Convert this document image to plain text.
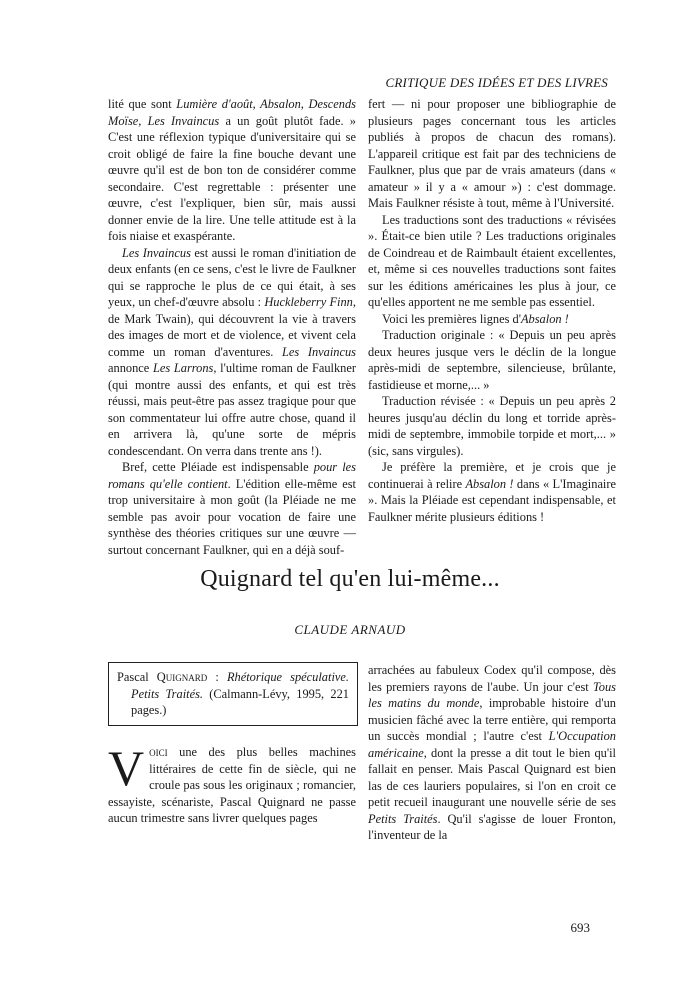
CRITIQUE DES IDÉES ET DES LIVRES

lité que sont Lumière d'août, Absalon, Descends Moïse, Les Invaincus a un goût plutôt fade. » C'est une réflexion typique d'universitaire qui se croit obligé de faire la fine bouche devant une œuvre qu'il est de bon ton de considérer comme secondaire. C'est regrettable : présenter une œuvre, c'est l'expliquer, bien sûr, mais aussi donner envie de la lire. Une telle attitude est à la fois niaise et exaspérante.

Les Invaincus est aussi le roman d'initiation de deux enfants (en ce sens, c'est le livre de Faulkner qui se rapproche le plus de ce qui était, à ses yeux, un chef-d'œuvre absolu : Huckleberry Finn, de Mark Twain), qui découvrent la vie à travers des images de mort et de violence, et vivent cela comme un roman d'aventures. Les Invaincus annonce Les Larrons, l'ultime roman de Faulkner (qui montre aussi des enfants, et qui est très réussi, mais peut-être pas assez tragique pour que son commentateur lui offre autre chose, quand il en arrivera là, qu'une sorte de mépris condescendant. On verra dans trente ans !).

Bref, cette Pléiade est indispensable pour les romans qu'elle contient. L'édition elle-même est trop universitaire à mon goût (la Pléiade ne me semble pas avoir pour vocation de faire une synthèse des théories critiques sur une œuvre — surtout concernant Faulkner, qui en a déjà souf-

fert — ni pour proposer une bibliographie de plusieurs pages concernant tous les articles publiés à propos de chacun des romans). L'appareil critique est fait par des techniciens de Faulkner, plus que par de vrais amateurs (dans « amateur » il y a « amour ») : c'est dommage. Mais Faulkner résiste à tout, même à l'Université.

Les traductions sont des traductions « révisées ». Était-ce bien utile ? Les traductions originales de Coindreau et de Raimbault étaient excellentes, et, même si ces nouvelles traductions sont faites sur les éditions américaines les plus à jour, ce qu'elles apportent ne me semble pas essentiel.

Voici les premières lignes d'Absalon !

Traduction originale : « Depuis un peu après deux heures jusque vers le déclin de la longue après-midi de septembre, silencieuse, brûlante, fastidieuse et morne,... »

Traduction révisée : « Depuis un peu après 2 heures jusqu'au déclin du long et torride après-midi de septembre, immobile torpide et mort,... » (sic, sans virgules).

Je préfère la première, et je crois que je continuerai à relire Absalon ! dans « L'Imaginaire ». Mais la Pléiade est cependant indispensable, et Faulkner mérite plusieurs éditions !

Quignard tel qu'en lui-même...
CLAUDE ARNAUD
Pascal Quignard : Rhétorique spéculative. Petits Traités. (Calmann-Lévy, 1995, 221 pages.)

Voici une des plus belles machines littéraires de cette fin de siècle, qui ne croule pas sous les originaux ; romancier, essayiste, scénariste, Pascal Quignard ne passe aucun trimestre sans livrer quelques pages

arrachées au fabuleux Codex qu'il compose, dès les premiers rayons de l'aube. Un jour c'est Tous les matins du monde, improbable histoire d'un musicien fâché avec la terre entière, qui remporta un succès mondial ; l'autre c'est L'Occupation américaine, dont la presse a dit tout le bien qu'il fallait en penser. Mais Pascal Quignard est bien las de ces lauriers populaires, si l'on en croit ce petit recueil inaugurant une nouvelle série de ses Petits Traités. Qu'il s'agisse de louer Fronton, l'inventeur de la

693
